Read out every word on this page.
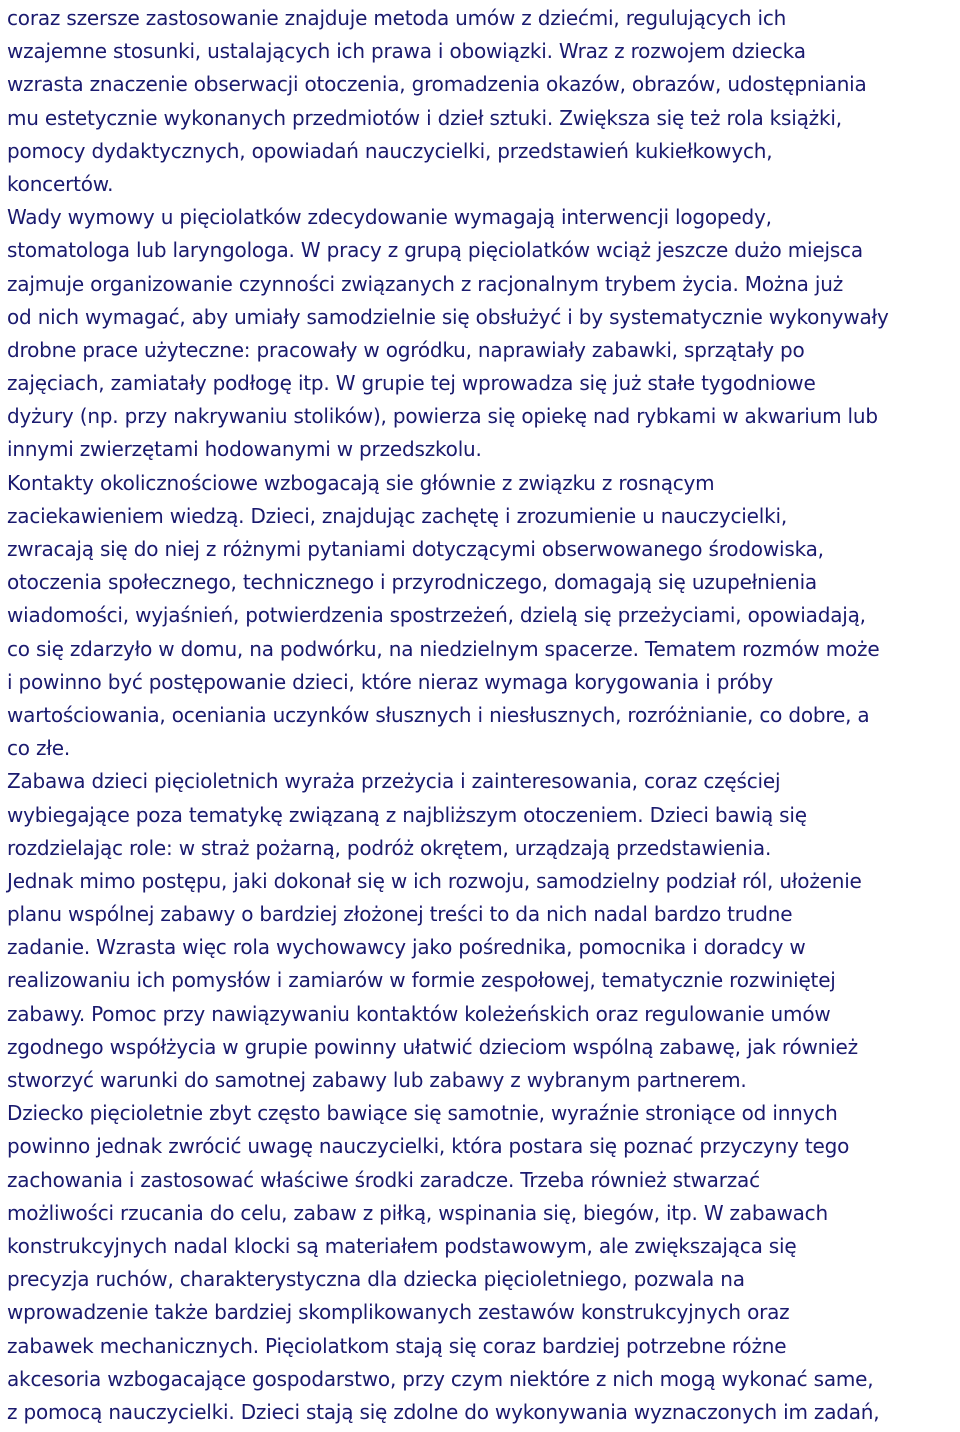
coraz szersze zastosowanie znajduje metoda umów z dziećmi, regulujących ich
wzajemne stosunki, ustalających ich prawa i obowiązki. Wraz z rozwojem dziecka
wzrasta znaczenie obserwacji otoczenia, gromadzenia okazów, obrazów, udostępniania
mu estetycznie wykonanych przedmiotów i dzieł sztuki. Zwiększa się też rola książki,
pomocy dydaktycznych, opowiadań nauczycielki, przedstawień kukiełkowych,
koncertów.
Wady wymowy u pięciolatków zdecydowanie wymagają interwencji logopedy,
stomatologa lub laryngologa. W pracy z grupą pięciolatków wciąż jeszcze dużo miejsca
zajmuje organizowanie czynności związanych z racjonalnym trybem życia. Można już
od nich wymagać, aby umiały samodzielnie się obsłużyć i by systematycznie wykonywały
drobne prace użyteczne: pracowały w ogródku, naprawiały zabawki, sprzątały po
zajęciach, zamiatały podłogę itp. W grupie tej wprowadza się już stałe tygodniowe
dyżury (np. przy nakrywaniu stolików), powierza się opiekę nad rybkami w akwarium lub
innymi zwierzętami hodowanymi w przedszkolu.
Kontakty okolicznościowe wzbogacają sie głównie z związku z rosnącym
zaciekawieniem wiedzą. Dzieci, znajdując zachętę i zrozumienie u nauczycielki,
zwracają się do niej z różnymi pytaniami dotyczącymi obserwowanego środowiska,
otoczenia społecznego, technicznego i przyrodniczego, domagają się uzupełnienia
wiadomości, wyjaśnień, potwierdzenia spostrzeżeń, dzielą się przeżyciami, opowiadają,
co się zdarzyło w domu, na podwórku, na niedzielnym spacerze. Tematem rozmów może
i powinno być postępowanie dzieci, które nieraz wymaga korygowania i próby
wartościowania, oceniania uczynków słusznych i niesłusznych, rozróżnianie, co dobre, a
co złe.
Zabawa dzieci pięcioletnich wyraża przeżycia i zainteresowania, coraz częściej
wybiegające poza tematykę związaną z najbliższym otoczeniem. Dzieci bawią się
rozdzielając role: w straż pożarną, podróż okrętem, urządzają przedstawienia.
Jednak mimo postępu, jaki dokonał się w ich rozwoju, samodzielny podział ról, ułożenie
planu wspólnej zabawy o bardziej złożonej treści to da nich nadal bardzo trudne
zadanie. Wzrasta więc rola wychowawcy jako pośrednika, pomocnika i doradcy w
realizowaniu ich pomysłów i zamiarów w formie zespołowej, tematycznie rozwiniętej
zabawy. Pomoc przy nawiązywaniu kontaktów koleżeńskich oraz regulowanie umów
zgodnego współżycia w grupie powinny ułatwić dzieciom wspólną zabawę, jak również
stworzyć warunki do samotnej zabawy lub zabawy z wybranym partnerem.
Dziecko pięcioletnie zbyt często bawiące się samotnie, wyraźnie stroniące od innych
powinno jednak zwrócić uwagę nauczycielki, która postara się poznać przyczyny tego
zachowania i zastosować właściwe środki zaradcze. Trzeba również stwarzać
możliwości rzucania do celu, zabaw z piłką, wspinania się, biegów, itp. W zabawach
konstrukcyjnych nadal klocki są materiałem podstawowym, ale zwiększająca się
precyzja ruchów, charakterystyczna dla dziecka pięcioletniego, pozwala na
wprowadzenie także bardziej skomplikowanych zestawów konstrukcyjnych oraz
zabawek mechanicznych. Pięciolatkom stają się coraz bardziej potrzebne różne
akcesoria wzbogacające gospodarstwo, przy czym niektóre z nich mogą wykonać same,
z pomocą nauczycielki. Dzieci stają się zdolne do wykonywania wyznaczonych im zadań,
